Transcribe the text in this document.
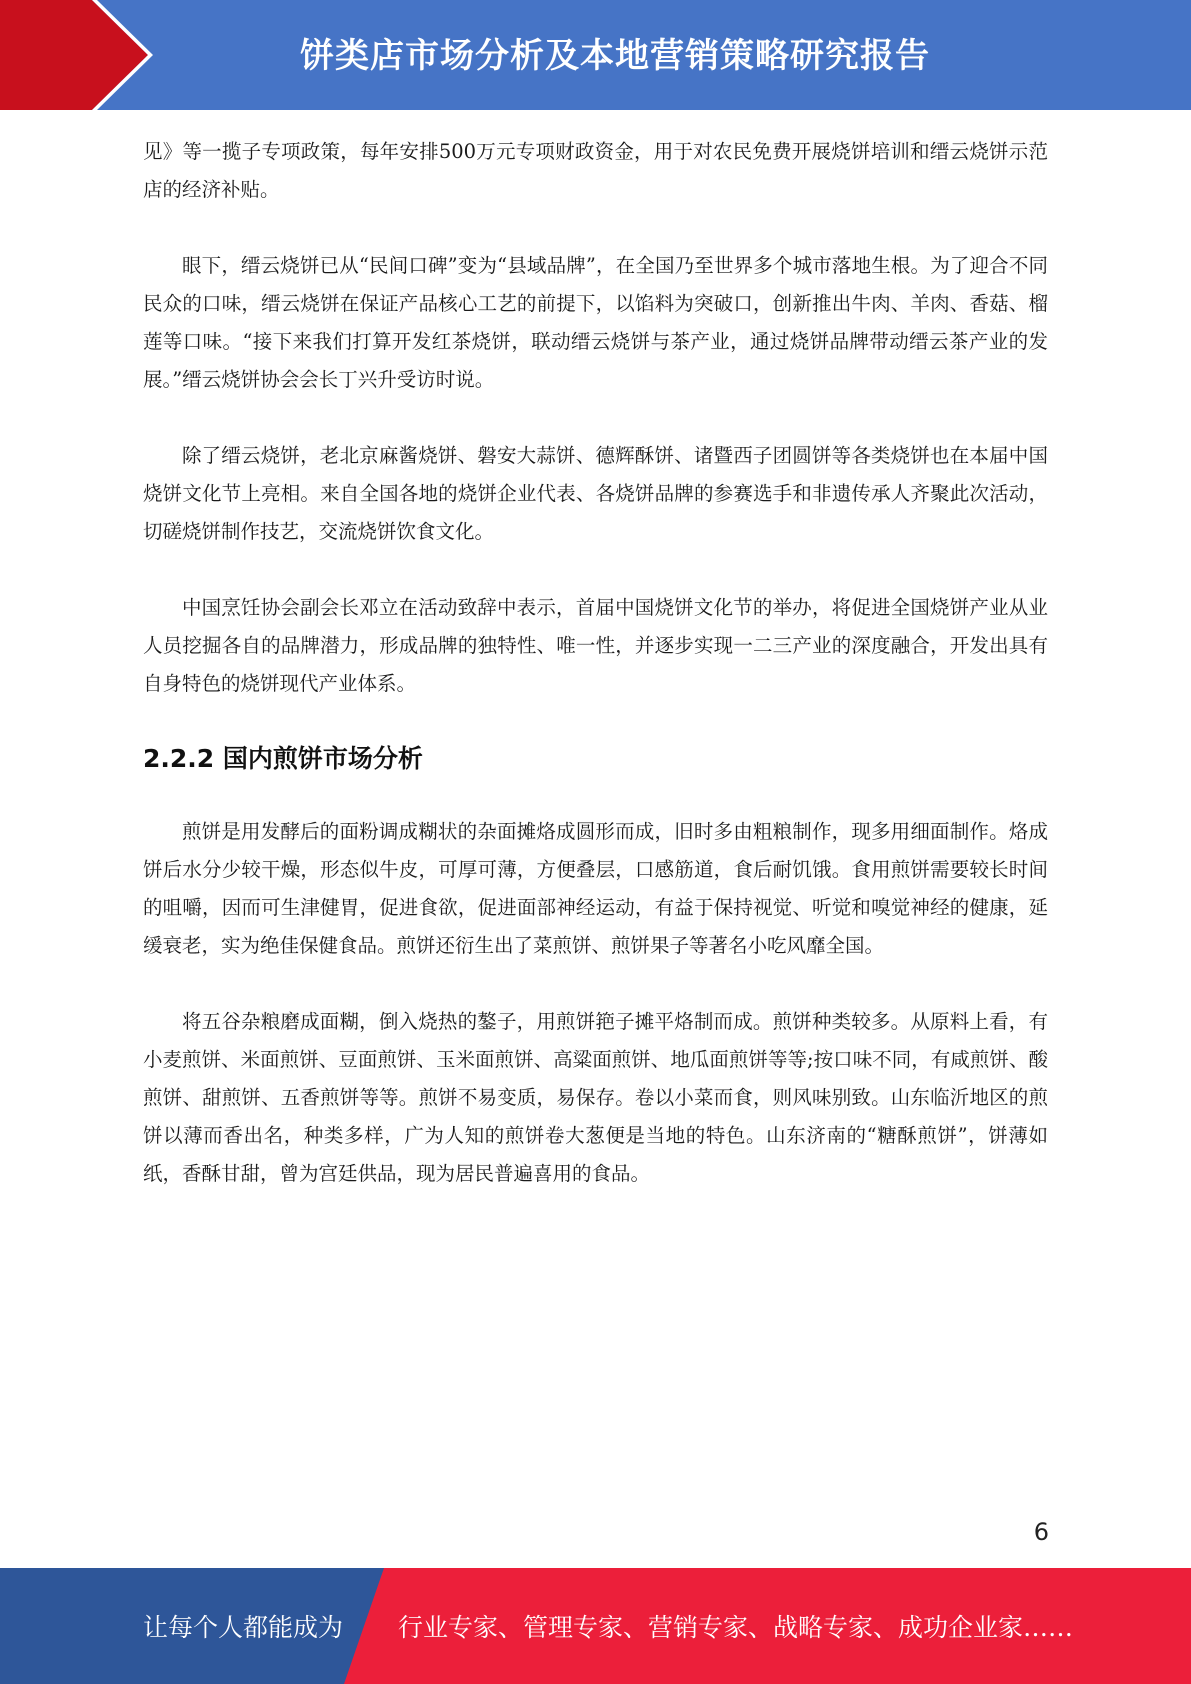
饼类店市场分析及本地营销策略研究报告

见》等一揽子专项政策，每年安排500万元专项财政资金，用于对农民免费开展烧饼培训和缙云烧饼示范店的经济补贴。

眼下，缙云烧饼已从“民间口碑”变为“县域品牌”，在全国乃至世界多个城市落地生根。为了迎合不同民众的口味，缙云烧饼在保证产品核心工艺的前提下，以馅料为突破口，创新推出牛肉、羊肉、香菇、榴莲等口味。“接下来我们打算开发红茶烧饼，联动缙云烧饼与茶产业，通过烧饼品牌带动缙云茶产业的发展。”缙云烧饼协会会长丁兴升受访时说。

除了缙云烧饼，老北京麻酱烧饼、磐安大蒜饼、德辉酥饼、诸暨西子团圆饼等各类烧饼也在本届中国烧饼文化节上亮相。来自全国各地的烧饼企业代表、各烧饼品牌的参赛选手和非遗传承人齐聚此次活动，切磋烧饼制作技艺，交流烧饼饮食文化。

中国烹饪协会副会长邓立在活动致辞中表示，首届中国烧饼文化节的举办，将促进全国烧饼产业从业人员挖掘各自的品牌潜力，形成品牌的独特性、唯一性，并逐步实现一二三产业的深度融合，开发出具有自身特色的烧饼现代产业体系。

2.2.2 国内煎饼市场分析

煎饼是用发酵后的面粉调成糊状的杂面摊烙成圆形而成，旧时多由粗粮制作，现多用细面制作。烙成饼后水分少较干燥，形态似牛皮，可厚可薄，方便叠层，口感筋道，食后耐饥饿。食用煎饼需要较长时间的咀嚼，因而可生津健胃，促进食欲，促进面部神经运动，有益于保持视觉、听觉和嗅觉神经的健康，延缓衰老，实为绝佳保健食品。煎饼还衍生出了菜煎饼、煎饼果子等著名小吃风靡全国。

将五谷杂粮磨成面糊，倒入烧热的鏊子，用煎饼筢子摊平烙制而成。煎饼种类较多。从原料上看，有小麦煎饼、米面煎饼、豆面煎饼、玉米面煎饼、高粱面煎饼、地瓜面煎饼等等;按口味不同，有咸煎饼、酸煎饼、甜煎饼、五香煎饼等等。煎饼不易变质，易保存。卷以小菜而食，则风味别致。山东临沂地区的煎饼以薄而香出名，种类多样，广为人知的煎饼卷大葱便是当地的特色。山东济南的“糖酥煎饼”，饼薄如纸，香酥甘甜，曾为宫廷供品，现为居民普遍喜用的食品。

6
让每个人都能成为 行业专家、管理专家、营销专家、战略专家、成功企业家……
